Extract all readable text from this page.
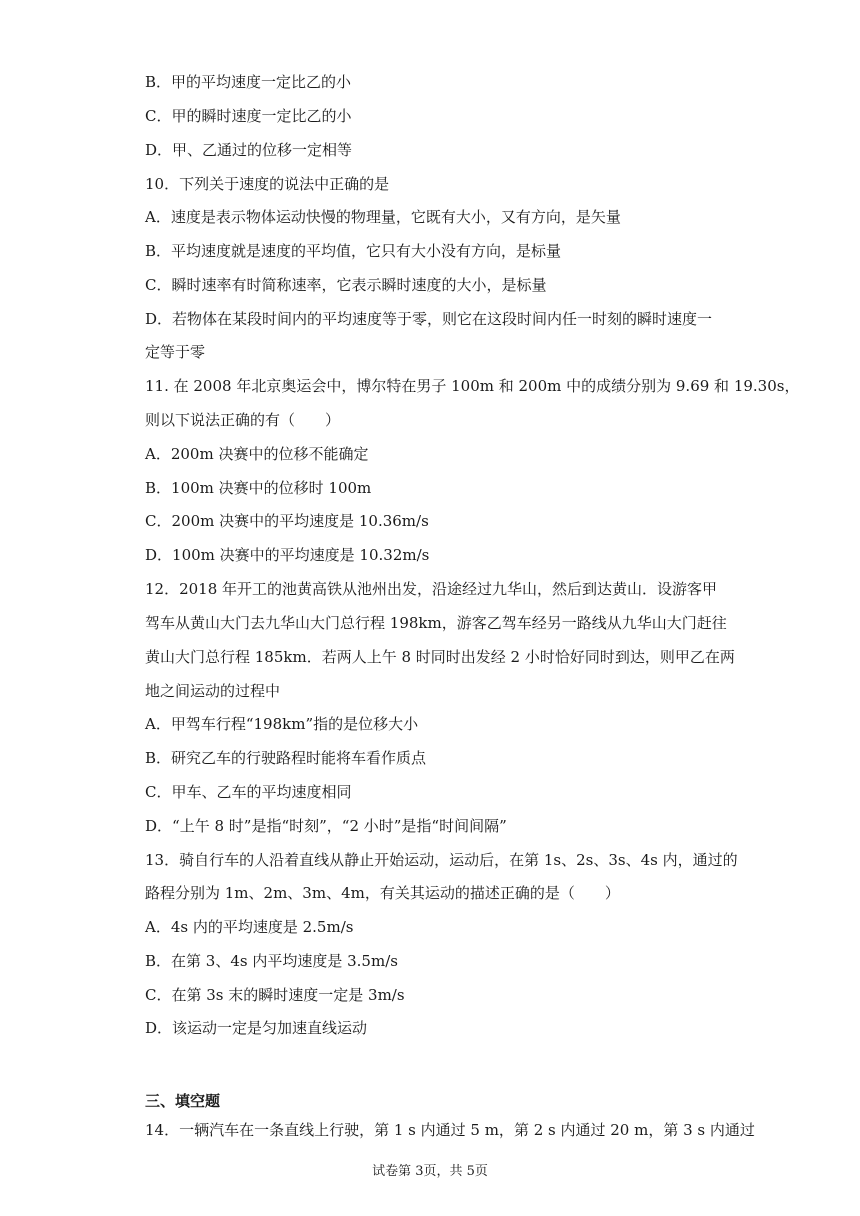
B．甲的平均速度一定比乙的小
C．甲的瞬时速度一定比乙的小
D．甲、乙通过的位移一定相等
10．下列关于速度的说法中正确的是
A．速度是表示物体运动快慢的物理量，它既有大小，又有方向，是矢量
B．平均速度就是速度的平均值，它只有大小没有方向，是标量
C．瞬时速率有时简称速率，它表示瞬时速度的大小，是标量
D．若物体在某段时间内的平均速度等于零，则它在这段时间内任一时刻的瞬时速度一
定等于零
11. 在 2008 年北京奥运会中，博尔特在男子 100m 和 200m 中的成绩分别为 9.69 和 19.30s，
则以下说法正确的有（　　）
A．200m 决赛中的位移不能确定
B．100m 决赛中的位移时 100m
C．200m 决赛中的平均速度是 10.36m/s
D．100m 决赛中的平均速度是 10.32m/s
12．2018 年开工的池黄高铁从池州出发，沿途经过九华山，然后到达黄山．设游客甲
驾车从黄山大门去九华山大门总行程 198km，游客乙驾车经另一路线从九华山大门赶往
黄山大门总行程 185km．若两人上午 8 时同时出发经 2 小时恰好同时到达，则甲乙在两
地之间运动的过程中
A．甲驾车行程“198km”指的是位移大小
B．研究乙车的行驶路程时能将车看作质点
C．甲车、乙车的平均速度相同
D．“上午 8 时”是指“时刻”，“2 小时”是指“时间间隔”
13．骑自行车的人沿着直线从静止开始运动，运动后，在第 1s、2s、3s、4s 内，通过的
路程分别为 1m、2m、3m、4m，有关其运动的描述正确的是（　　）
A．4s 内的平均速度是 2.5m/s
B．在第 3、4s 内平均速度是 3.5m/s
C．在第 3s 末的瞬时速度一定是 3m/s
D．该运动一定是匀加速直线运动
三、填空题
14．一辆汽车在一条直线上行驶，第 1 s 内通过 5 m，第 2 s 内通过 20 m，第 3 s 内通过
试卷第 3页，共 5页
